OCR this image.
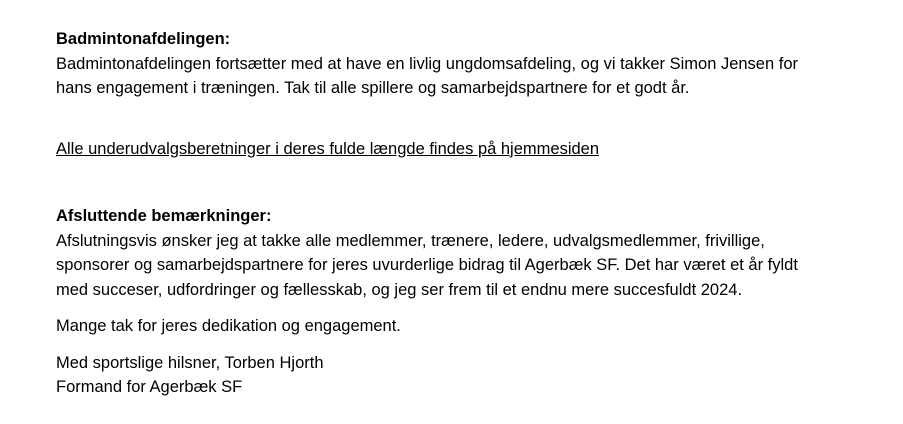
Badmintonafdelingen:
Badmintonafdelingen fortsætter med at have en livlig ungdomsafdeling, og vi takker Simon Jensen for
hans engagement i træningen. Tak til alle spillere og samarbejdspartnere for et godt år.
Alle underudvalgsberetninger i deres fulde længde findes på hjemmesiden
Afsluttende bemærkninger:
Afslutningsvis ønsker jeg at takke alle medlemmer, trænere, ledere, udvalgsmedlemmer, frivillige,
sponsorer og samarbejdspartnere for jeres uvurderlige bidrag til Agerbæk SF. Det har været et år fyldt
med succeser, udfordringer og fællesskab, og jeg ser frem til et endnu mere succesfuldt 2024.
Mange tak for jeres dedikation og engagement.
Med sportslige hilsner, Torben Hjorth
Formand for Agerbæk SF
